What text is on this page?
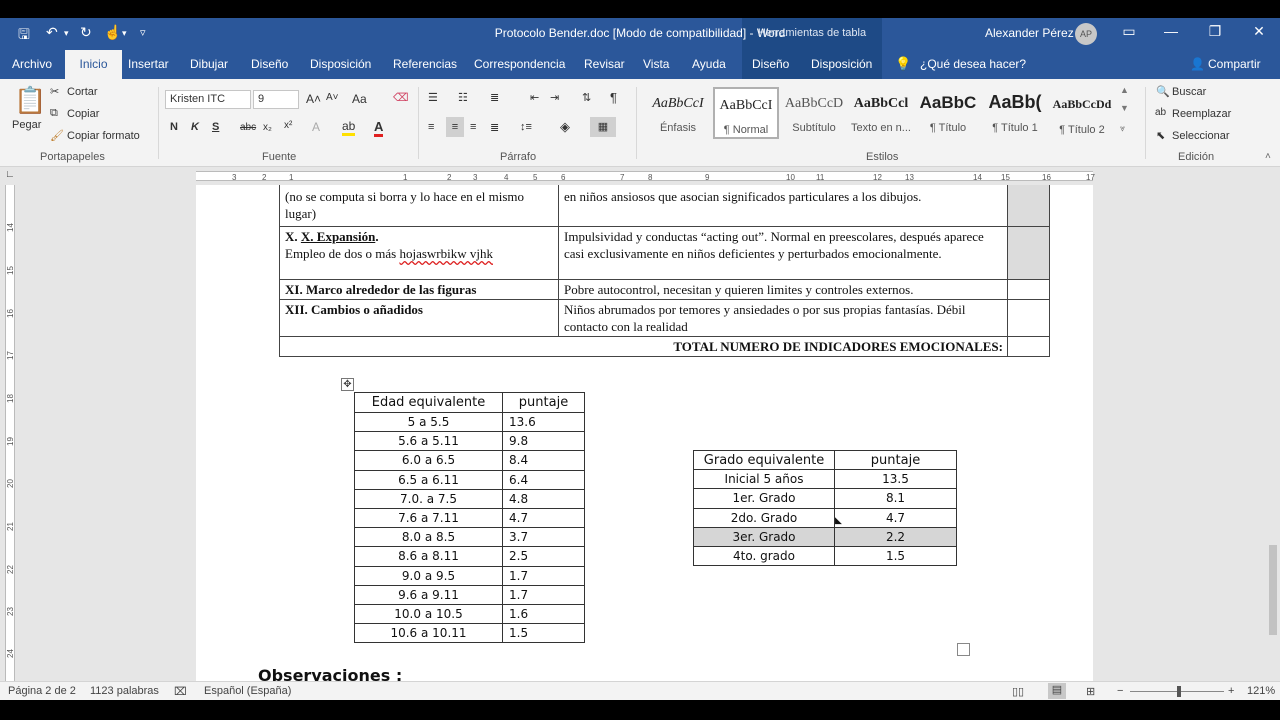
🖫 ↶ ▾ ↻ ☝ ▾ ▿	Protocolo Bender.doc [Modo de compatibilidad] - Word
Herramientas de tabla	Alexander Pérez AP	▭ — ❐ ✕
Archivo	Inicio	Insertar Dibujar Diseño Disposición Referencias Correspondencia Revisar Vista Ayuda Diseño Disposición 💡 ¿Qué desea hacer?	👤 Compartir
📋
Pegar
✂ Cortar
⧉ Copiar
🖌 Copiar formato
Portapapeles
Kristen ITC	9	A˄ A˅ Aa ⌫
N K S abc x₂ x² A ab A
Fuente
☰ ☷ ≣	⇤ ⇥ ⇅ ¶
≡	≡	≡ ≣ ↕≡ ◈	▦
Párrafo
AaBbCcI
Énfasis
AaBbCcI
¶ Normal
AaBbCcD
Subtítulo
AaBbCcl
Texto en n...
AaBbC
¶ Título
AaBb(
¶ Título 1
AaBbCcDd
¶ Título 2
▲
▼
⩔
Estilos
🔍 Buscar
ab Reemplazar
⬉ Seleccionar
Edición	˄
∟	3	2	1	1	2	3	4	5	6	7	8	9	10	11	12	13	14 15	16	17
14
15
16
17
18
19
20
21
22
23
24
(no se computa si borra y lo hace en el mismo lugar)	en niños ansiosos que asocian significados particulares a los dibujos.	
X. X. Expansión.
Empleo de dos o más hojaswrbikw vjhk	Impulsividad y conductas “acting out”. Normal en preescolares, después aparece casi exclusivamente en niños deficientes y perturbados emocionalmente.	
XI. Marco alrededor de las figuras	Pobre autocontrol, necesitan y quieren limites y controles externos.	
XII. Cambios o añadidos	Niños abrumados por temores y ansiedades o por sus propias fantasías. Débil contacto con la realidad	
TOTAL NUMERO DE INDICADORES EMOCIONALES:		
✥
Edad equivalente	puntaje
5 a 5.5	13.6
5.6 a 5.11	9.8
6.0 a 6.5	8.4
6.5 a 6.11	6.4
7.0. a 7.5	4.8
7.6 a 7.11	4.7
8.0 a 8.5	3.7
8.6 a 8.11	2.5
9.0 a 9.5	1.7
9.6 a 9.11	1.7
10.0 a 10.5	1.6
10.6 a 10.11	1.5
Grado equivalente	puntaje
Inicial 5 años	13.5
1er. Grado	8.1
2do. Grado	4.7
3er. Grado	2.2
4to. grado	1.5
◣
Observaciones :
Página 2 de 2 1123 palabras ⌧ Español (España)	▯▯	▤	⊞ −	+ 121%
